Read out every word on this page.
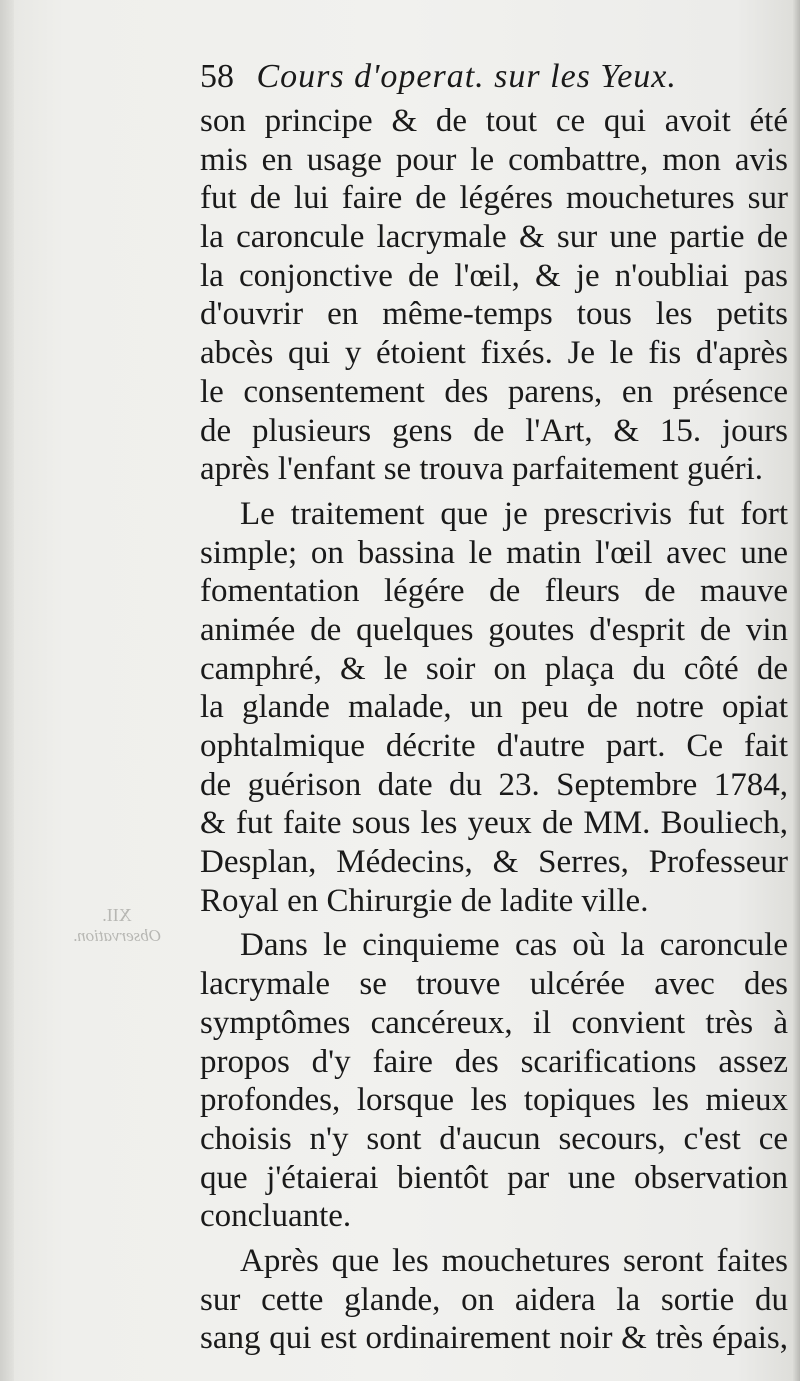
58 Cours d'operat. sur les Yeux.
XII.
Observation.
son principe & de tout ce qui avoit été
mis en usage pour le combattre, mon avis
fut de lui faire de légéres mouchetures sur
la caroncule lacrymale & sur une partie de
la conjonctive de l'œil, & je n'oubliai pas
d'ouvrir en même-temps tous les petits
abcès qui y étoient fixés. Je le fis d'après
le consentement des parens, en présence
de plusieurs gens de l'Art, & 15. jours
après l'enfant se trouva parfaitement guéri.
Le traitement que je prescrivis fut fort
simple; on bassina le matin l'œil avec une
fomentation légére de fleurs de mauve
animée de quelques goutes d'esprit de vin
camphré, & le soir on plaça du côté de
la glande malade, un peu de notre opiat
ophtalmique décrite d'autre part. Ce fait
de guérison date du 23. Septembre 1784,
& fut faite sous les yeux de MM. Bouliech,
Desplan, Médecins, & Serres, Professeur
Royal en Chirurgie de ladite ville.
Dans le cinquieme cas où la caroncule
lacrymale se trouve ulcérée avec des
symptômes cancéreux, il convient très à
propos d'y faire des scarifications assez
profondes, lorsque les topiques les mieux
choisis n'y sont d'aucun secours, c'est ce
que j'étaierai bientôt par une observation
concluante.
Après que les mouchetures seront faites
sur cette glande, on aidera la sortie du
sang qui est ordinairement noir & très épais,
